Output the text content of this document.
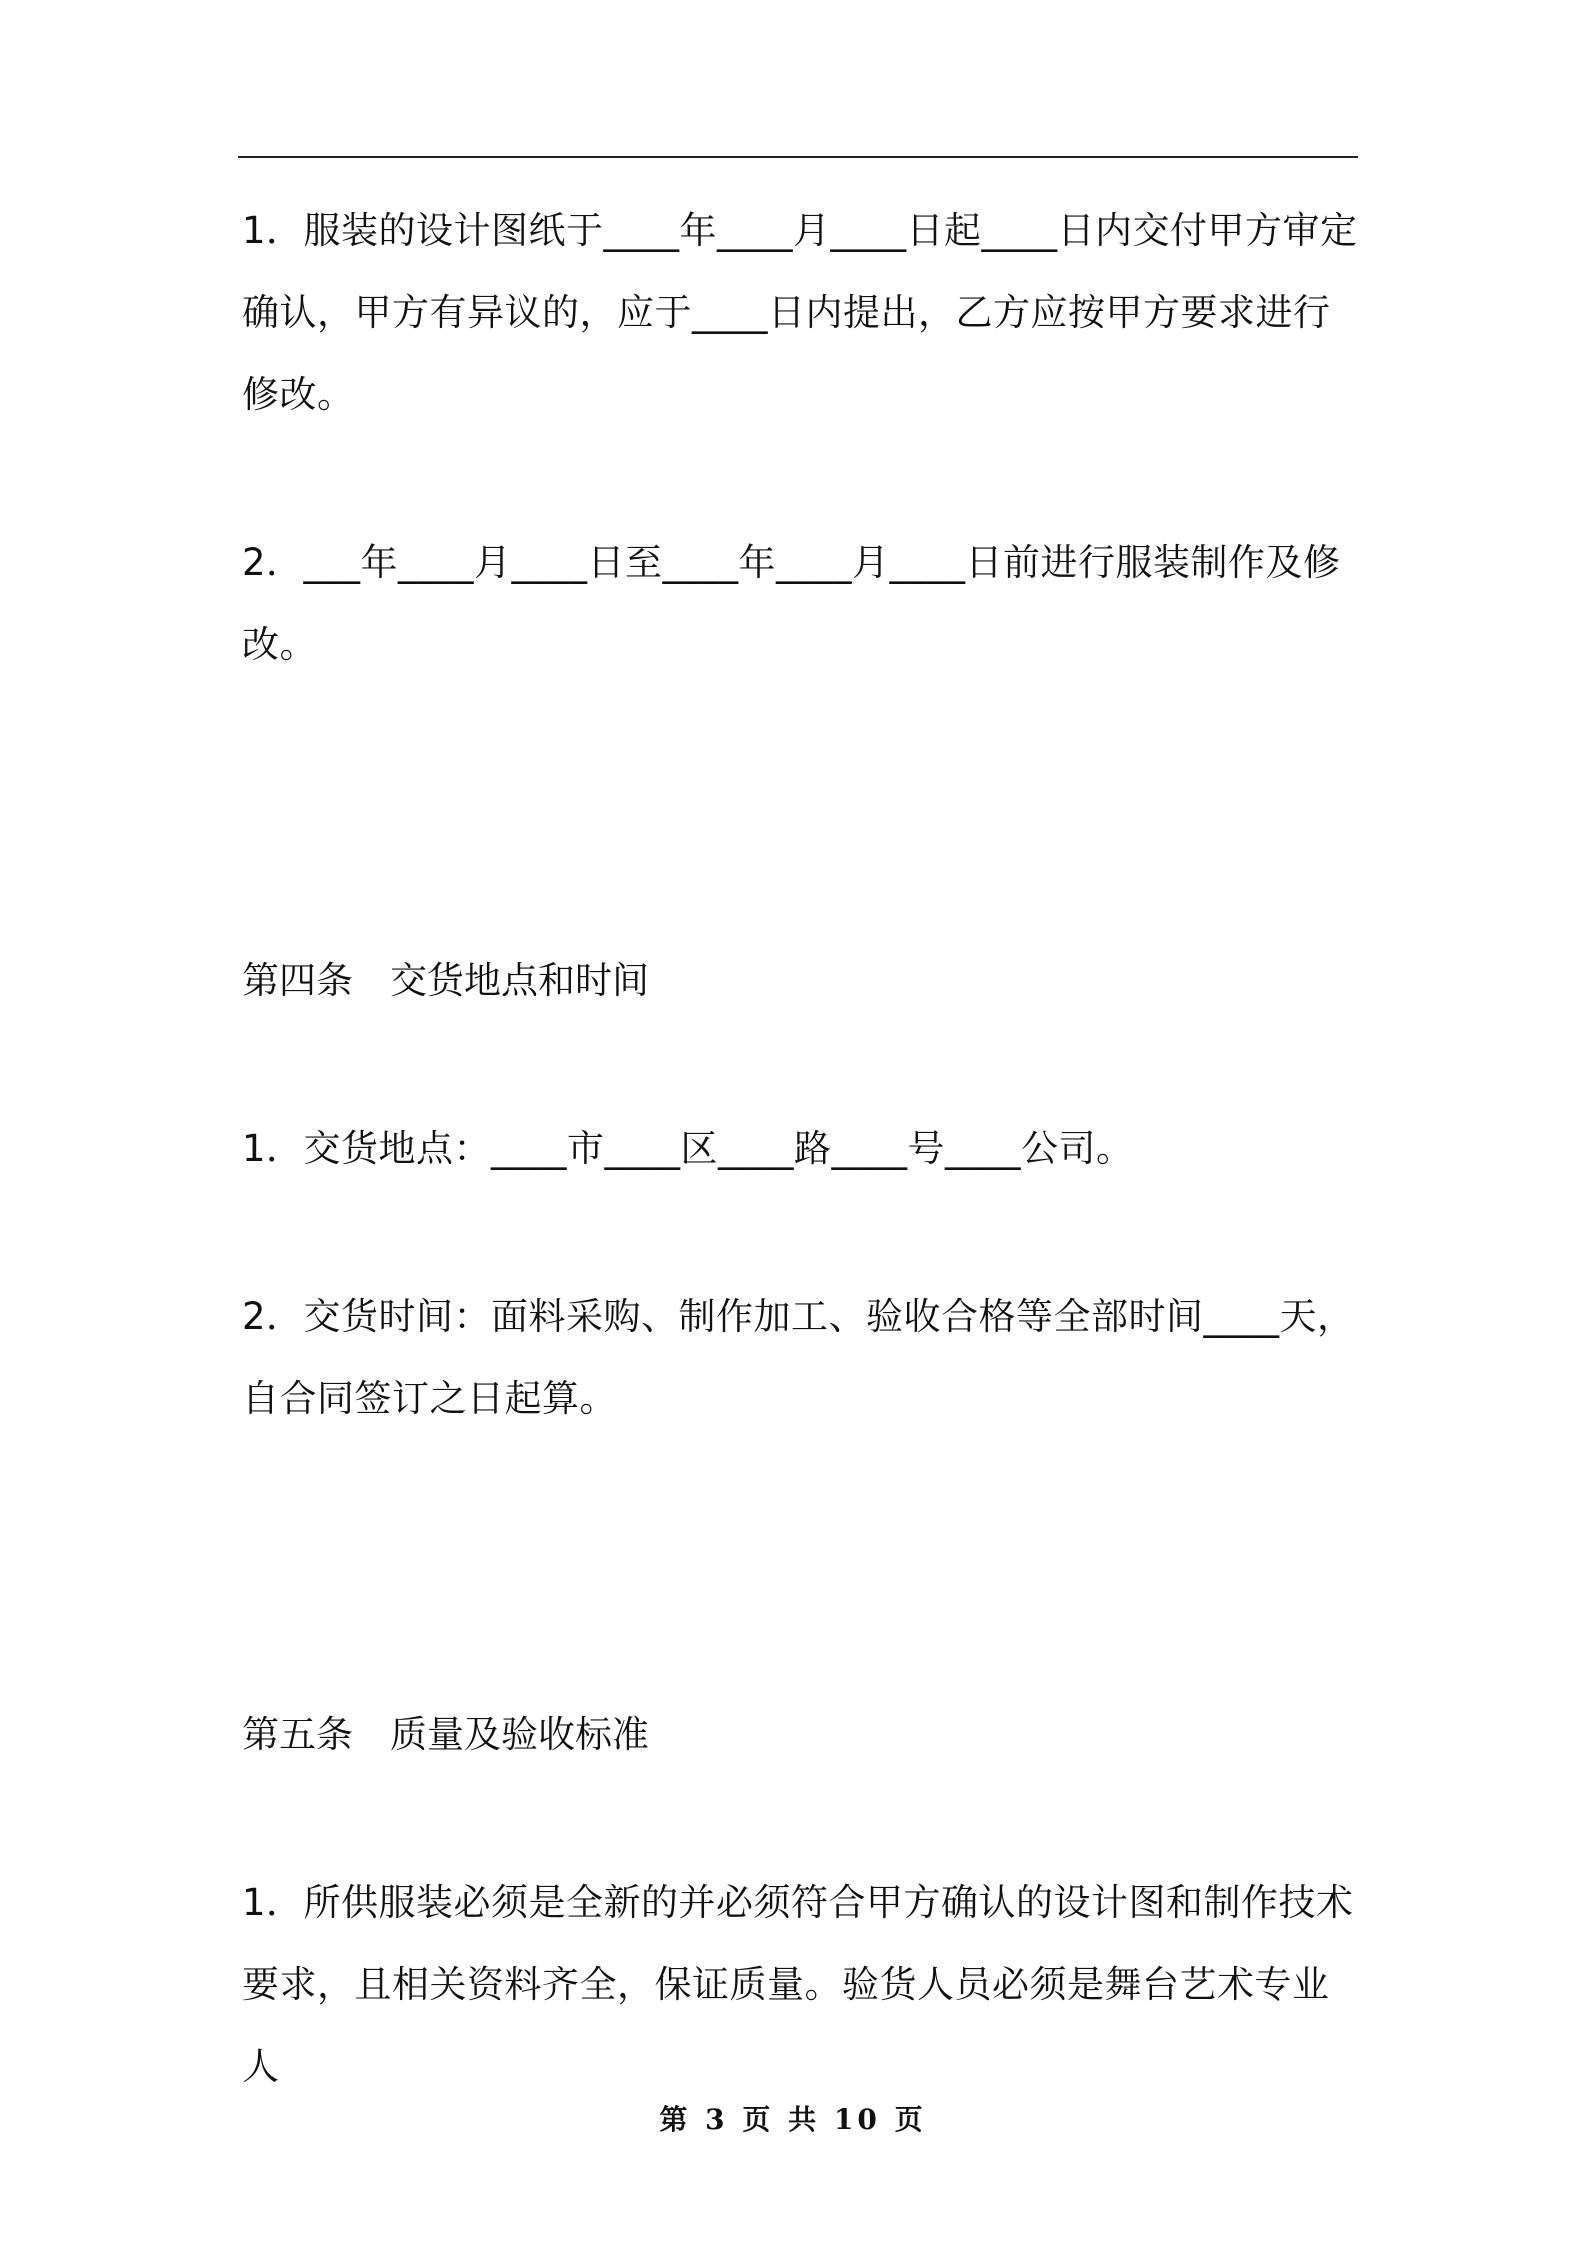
1．服装的设计图纸于____年____月____日起____日内交付甲方审定确认，甲方有异议的，应于____日内提出，乙方应按甲方要求进行修改。

2．___年____月____日至____年____月____日前进行服装制作及修改。

第四条　交货地点和时间

1．交货地点：____市____区____路____号____公司。

2．交货时间：面料采购、制作加工、验收合格等全部时间____天，自合同签订之日起算。

第五条　质量及验收标准

1．所供服装必须是全新的并必须符合甲方确认的设计图和制作技术要求，且相关资料齐全，保证质量。验货人员必须是舞台艺术专业人

第 3 页 共 10 页
